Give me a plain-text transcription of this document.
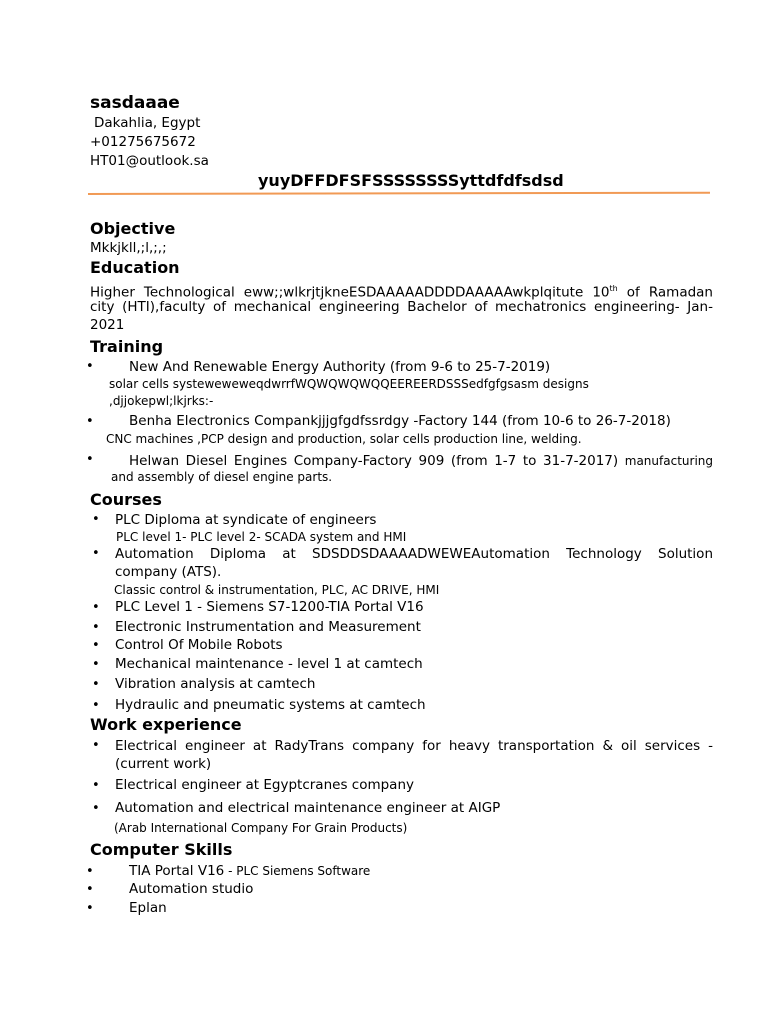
sasdaaae
Dakahlia, Egypt
+01275675672
HT01@outlook.sa
yuyDFFDFSFSSSSSSSSyttdfdfsdsd
Objective
Mkkjkll,;l,;,;
Education
Higher Technological eww;;wlkrjtjkneESDAAAAADDDDAAAAAwkplqitute 10th of Ramadan
city (HTI),faculty of mechanical engineering Bachelor of mechatronics engineering- Jan-
2021
Training
•	New And Renewable Energy Authority (from 9-6 to 25-7-2019)
solar cells systeweweweqdwrrfWQWQWQWQQEEREERDSSSedfgfgsasm designs
,djjokepwl;lkjrks:-
•	Benha Electronics Compankjjjgfgdfssrdgy -Factory 144 (from 10-6 to 26-7-2018)
CNC machines ,PCP design and production, solar cells production line, welding.
•	Helwan Diesel Engines Company-Factory 909 (from 1-7 to 31-7-2017) manufacturing
and assembly of diesel engine parts.
Courses
• PLC Diploma at syndicate of engineers
PLC level 1- PLC level 2- SCADA system and HMI
• Automation Diploma at SDSDDSDAAAADWEWEAutomation Technology Solution
company (ATS).
Classic control & instrumentation, PLC, AC DRIVE, HMI
• PLC Level 1 - Siemens S7-1200-TIA Portal V16
• Electronic Instrumentation and Measurement
• Control Of Mobile Robots
• Mechanical maintenance - level 1 at camtech
• Vibration analysis at camtech
• Hydraulic and pneumatic systems at camtech
Work experience
• Electrical engineer at RadyTrans company for heavy transportation & oil services -
(current work)
• Electrical engineer at Egyptcranes company
• Automation and electrical maintenance engineer at AIGP
(Arab International Company For Grain Products)
Computer Skills
•	TIA Portal V16 - PLC Siemens Software
•	Automation studio
•	Eplan
